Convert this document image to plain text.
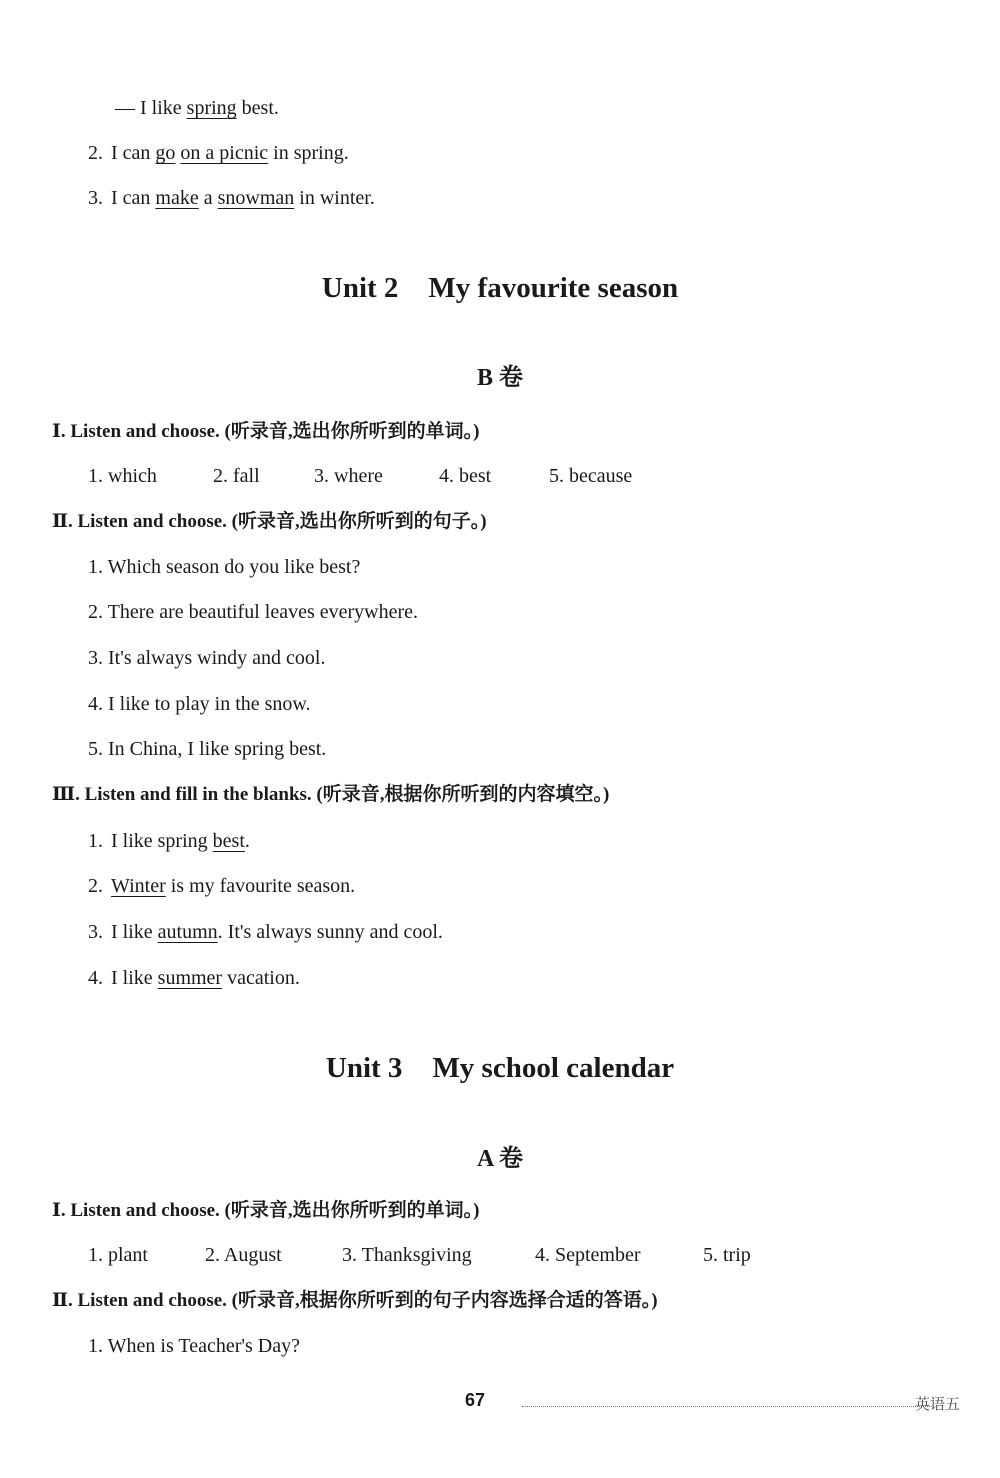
— I like spring best.
2. I can go on a picnic in spring.
3. I can make a snowman in winter.
Unit 2 My favourite season
B 卷
Ⅰ. Listen and choose. (听录音,选出你所听到的单词。)
1. which	2. fall	3. where	4. best	5. because
Ⅱ. Listen and choose. (听录音,选出你所听到的句子。)
1. Which season do you like best?
2. There are beautiful leaves everywhere.
3. It's always windy and cool.
4. I like to play in the snow.
5. In China, I like spring best.
Ⅲ. Listen and fill in the blanks. (听录音,根据你所听到的内容填空。)
1. I like spring best.
2. Winter is my favourite season.
3. I like autumn. It's always sunny and cool.
4. I like summer vacation.
Unit 3 My school calendar
A 卷
Ⅰ. Listen and choose. (听录音,选出你所听到的单词。)
1. plant	2. August	3. Thanksgiving	4. September	5. trip
Ⅱ. Listen and choose. (听录音,根据你所听到的句子内容选择合适的答语。)
1. When is Teacher's Day?
67	英语五
